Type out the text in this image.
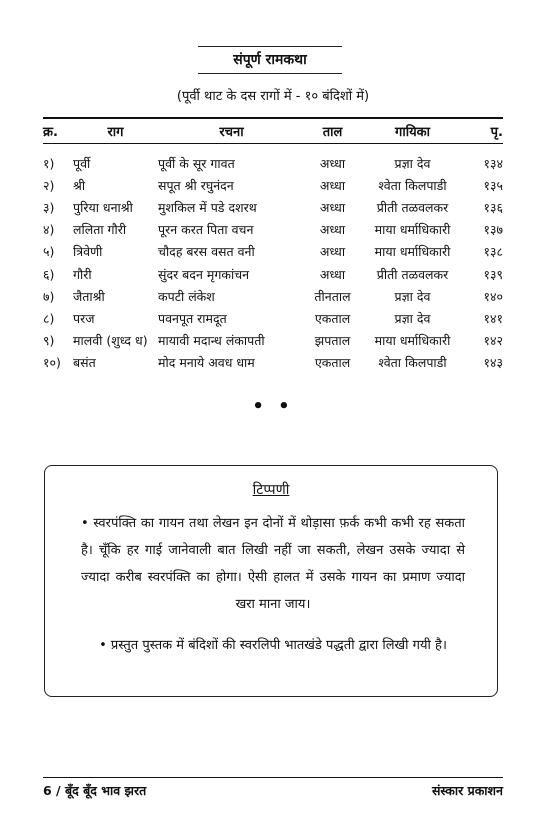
संपूर्ण रामकथा
(पूर्वी थाट के दस रागों में - १० बंदिशों में)
क्र.	राग	रचना	ताल	गायिका	पृ.
१)	पूर्वी	पूर्वी के सूर गावत	अध्धा	प्रज्ञा देव	१३४
२)	श्री	सपूत श्री रघुनंदन	अध्धा	श्वेता किलपाडी	१३५
३)	पुरिया धनाश्री	मुशकिल में पडे दशरथ	अध्धा	प्रीती तळवलकर	१३६
४)	ललिता गौरी	पूरन करत पिता वचन	अध्धा	माया धर्माधिकारी	१३७
५)	त्रिवेणी	चौदह बरस वसत वनी	अध्धा	माया धर्माधिकारी	१३८
६)	गौरी	सुंदर बदन मृगकांचन	अध्धा	प्रीती तळवलकर	१३९
७)	जैताश्री	कपटी लंकेश	तीनताल	प्रज्ञा देव	१४०
८)	परज	पवनपूत रामदूत	एकताल	प्रज्ञा देव	१४१
९)	मालवी (शुध्द ध)	मायावी मदान्ध लंकापती	झपताल	माया धर्माधिकारी	१४२
१०)	बसंत	मोद मनाये अवध धाम	एकताल	श्वेता किलपाडी	१४३
• •
टिप्पणी
• स्वरपंक्ति का गायन तथा लेखन इन दोनों में थोड़ासा फ़र्क कभी कभी रह सकता है। चूँकि हर गाई जानेवाली बात लिखी नहीं जा सकती, लेखन उसके ज्यादा से ज्यादा करीब स्वरपंक्ति का होगा। ऐसी हालत में उसके गायन का प्रमाण ज्यादा खरा माना जाय।
• प्रस्तुत पुस्तक में बंदिशों की स्वरलिपी भातखंडे पद्धती द्वारा लिखी गयी है।
6 / बूँद बूँद भाव झरत	संस्कार प्रकाशन
